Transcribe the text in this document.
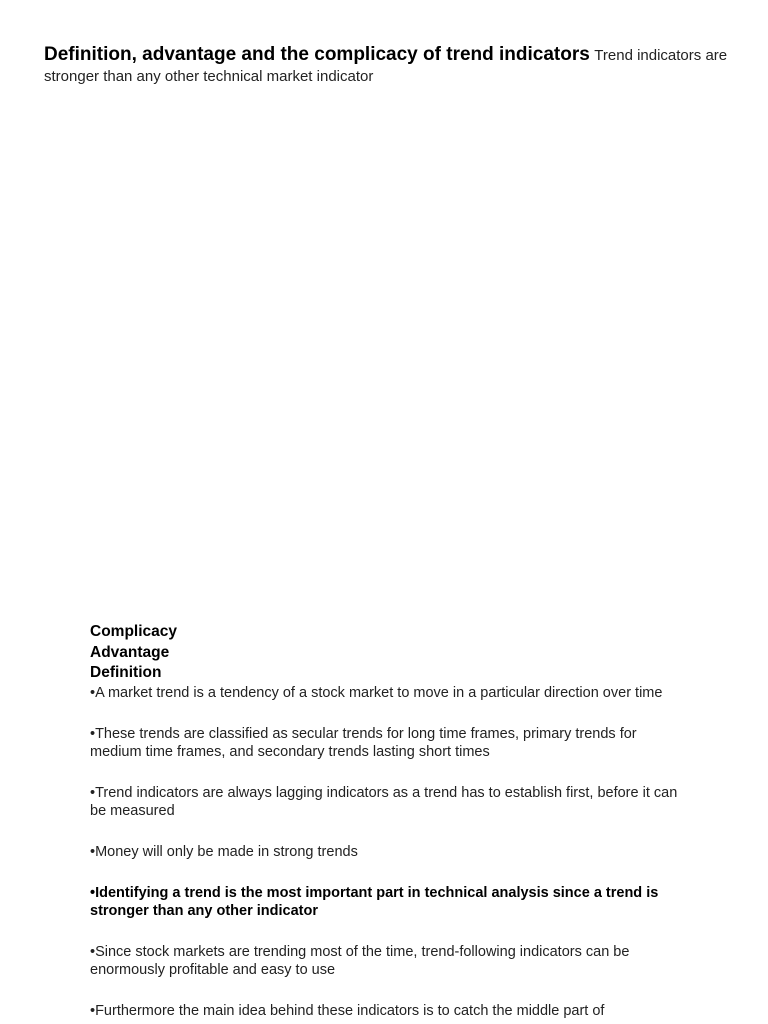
Definition, advantage and the complicacy of trend indicators Trend indicators are stronger than any other technical market indicator

Complicacy

Advantage

Definition

•A market trend is a tendency of a stock market to move in a particular direction over time

•These trends are classified as secular trends for long time frames, primary trends for medium time frames, and secondary trends lasting short times

•Trend indicators are always lagging indicators as a trend has to establish first, before it can be measured

•Money will only be made in strong trends

•Identifying a trend is the most important part in technical analysis since a trend is stronger than any other indicator

•Since stock markets are trending most of the time, trend-following indicators can be enormously profitable and easy to use

•Furthermore the main idea behind these indicators is to catch the middle part of
